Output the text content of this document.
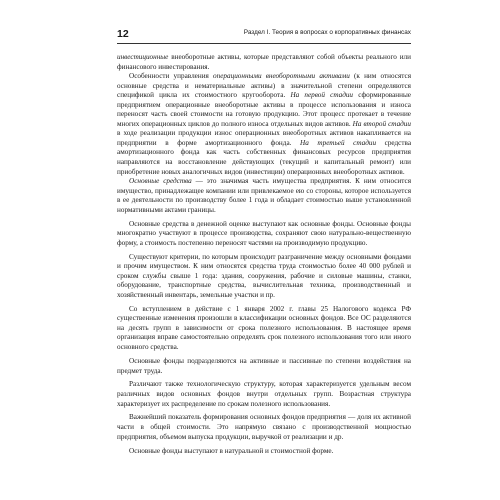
12	Раздел I. Теория в вопросах о корпоративных финансах

инвестиционные внеоборотные активы, которые представляют собой объекты реального или финансового инвестирования.

Особенности управления операционными внеоборотными активами (к ним относятся основные средства и нематериальные активы) в значительной степени определяются спецификой цикла их стоимостного кругооборота. На первой стадии сформированные предприятием операционные внеоборотные активы в процессе использования и износа переносят часть своей стоимости на готовую продукцию. Этот процесс протекает в течение многих операционных циклов до полного износа отдельных видов активов. На второй стадии в ходе реализации продукции износ операционных внеоборотных активов накапливается на предприятии в форме амортизационного фонда. На третьей стадии средства амортизационного фонда как часть собственных финансовых ресурсов предприятия направляются на восстановление действующих (текущий и капитальный ремонт) или приобретение новых аналогичных видов (инвестиции) операционных внеоборотных активов.

Основные средства — это значимая часть имущества предприятия. К ним относится имущество, принадлежащее компании или привлекаемое ею со стороны, которое используется в ее деятельности по производству более 1 года и обладает стоимостью выше установленной нормативными актами границы.

Основные средства в денежной оценке выступают как основные фонды. Основные фонды многократно участвуют в процессе производства, сохраняют свою натурально-вещественную форму, а стоимость постепенно переносят частями на производимую продукцию.

Существуют критерии, по которым происходит разграничение между основными фондами и прочим имуществом. К ним относятся средства труда стоимостью более 40 000 рублей и сроком службы свыше 1 года: здания, сооружения, рабочие и силовые машины, станки, оборудование, транспортные средства, вычислительная техника, производственный и хозяйственный инвентарь, земельные участки и пр.

Со вступлением в действие с 1 января 2002 г. главы 25 Налогового кодекса РФ существенные изменения произошли в классификации основных фондов. Все ОС разделяются на десять групп в зависимости от срока полезного использования. В настоящее время организация вправе самостоятельно определять срок полезного использования того или иного основного средства.

Основные фонды подразделяются на активные и пассивные по степени воздействия на предмет труда.

Различают также технологическую структуру, которая характеризуется удельным весом различных видов основных фондов внутри отдельных групп. Возрастная структура характеризует их распределение по срокам полезного использования.

Важнейший показатель формирования основных фондов предприятия — доля их активной части в общей стоимости. Это напрямую связано с производственной мощностью предприятия, объемом выпуска продукции, выручкой от реализации и др.

Основные фонды выступают в натуральной и стоимостной форме.
